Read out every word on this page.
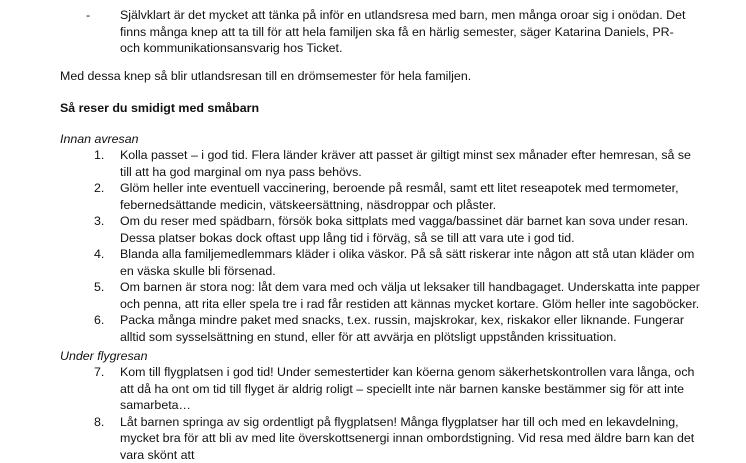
- Självklart är det mycket att tänka på inför en utlandsresa med barn, men många oroar sig i onödan. Det finns många knep att ta till för att hela familjen ska få en härlig semester, säger Katarina Daniels, PR- och kommunikationsansvarig hos Ticket.
Med dessa knep så blir utlandsresan till en drömsemester för hela familjen.
Så reser du smidigt med småbarn
Innan avresan
1. Kolla passet – i god tid. Flera länder kräver att passet är giltigt minst sex månader efter hemresan, så se till att ha god marginal om nya pass behövs.
2. Glöm heller inte eventuell vaccinering, beroende på resmål, samt ett litet reseapotek med termometer, febernedsättande medicin, vätskeersättning, näsdroppar och plåster.
3. Om du reser med spädbarn, försök boka sittplats med vagga/bassinet där barnet kan sova under resan. Dessa platser bokas dock oftast upp lång tid i förväg, så se till att vara ute i god tid.
4. Blanda alla familjemedlemmars kläder i olika väskor. På så sätt riskerar inte någon att stå utan kläder om en väska skulle bli försenad.
5. Om barnen är stora nog: låt dem vara med och välja ut leksaker till handbagaget. Underskatta inte papper och penna, att rita eller spela tre i rad får restiden att kännas mycket kortare. Glöm heller inte sagoböcker.
6. Packa många mindre paket med snacks, t.ex. russin, majskrokar, kex, riskakor eller liknande. Fungerar alltid som sysselsättning en stund, eller för att avvärja en plötsligt uppstånden krissituation.
Under flygresan
7. Kom till flygplatsen i god tid! Under semestertider kan köerna genom säkerhetskontrollen vara långa, och att då ha ont om tid till flyget är aldrig roligt – speciellt inte när barnen kanske bestämmer sig för att inte samarbeta…
8. Låt barnen springa av sig ordentligt på flygplatsen! Många flygplatser har till och med en lekavdelning, mycket bra för att bli av med lite överskottsenergi innan ombordstigning. Vid resa med äldre barn kan det vara skönt att
